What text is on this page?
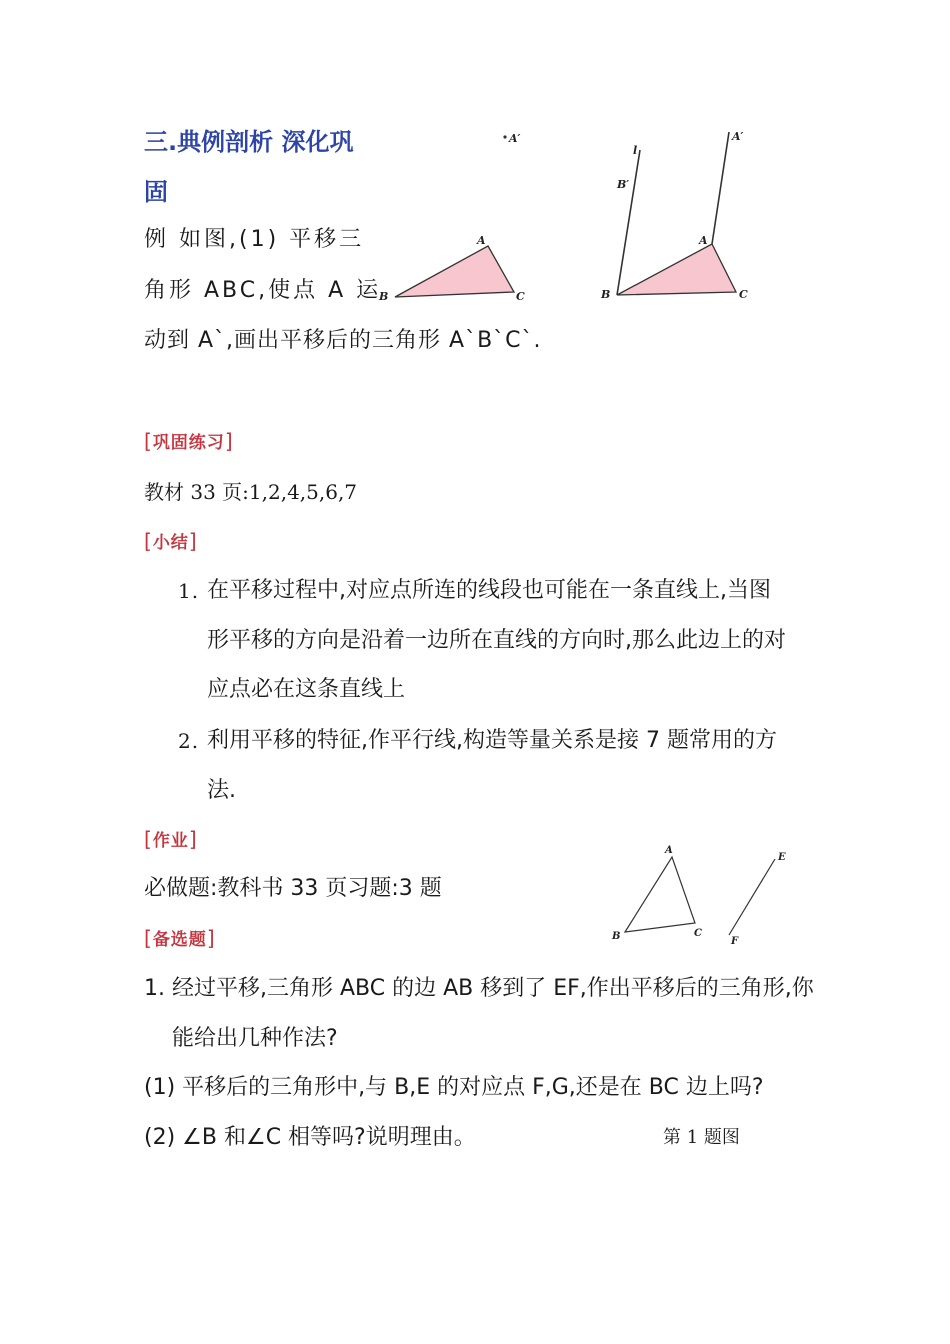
三.典例剖析 深化巩
固
例 如图,(1) 平移三
角形 ABC,使点 A 运
动到 A`,画出平移后的三角形 A`B`C`.
A′
A
B	C
l
B′
A′
A
B	C
[巩固练习]
教材 33 页:1,2,4,5,6,7
[小结]
1. 在平移过程中,对应点所连的线段也可能在一条直线上,当图
形平移的方向是沿着一边所在直线的方向时,那么此边上的对
应点必在这条直线上
2. 利用平移的特征,作平行线,构造等量关系是接 7 题常用的方
法.
[作业]
必做题:教科书 33 页习题:3 题
A
B	C
E
F
[备选题]
1. 经过平移,三角形 ABC 的边 AB 移到了 EF,作出平移后的三角形,你
能给出几种作法?
(1) 平移后的三角形中,与 B,E 的对应点 F,G,还是在 BC 边上吗?
(2) ∠B 和∠C 相等吗?说明理由。	第 1 题图
